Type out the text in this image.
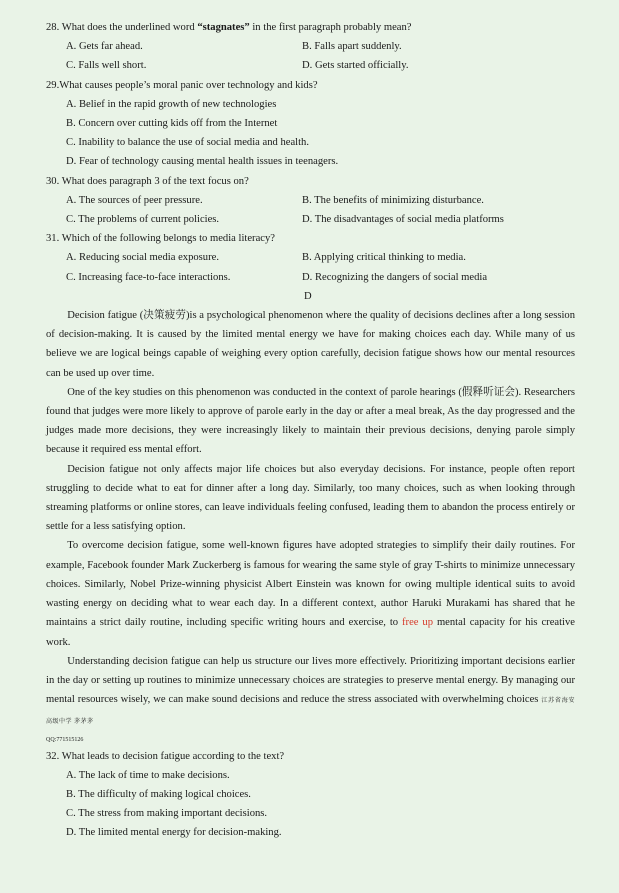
28. What does the underlined word “stagnates” in the first paragraph probably mean?
A. Gets far ahead.	B. Falls apart suddenly.
C. Falls well short.	D. Gets started officially.
29.What causes people’s moral panic over technology and kids?
A. Belief in the rapid growth of new technologies
B. Concern over cutting kids off from the Internet
C. Inability to balance the use of social media and health.
D. Fear of technology causing mental health issues in teenagers.
30. What does paragraph 3 of the text focus on?
A. The sources of peer pressure.	B. The benefits of minimizing disturbance.
C. The problems of current policies.	D. The disadvantages of social media platforms
31. Which of the following belongs to media literacy?
A. Reducing social media exposure.	B. Applying critical thinking to media.
C. Increasing face-to-face interactions.	D. Recognizing the dangers of social media
D

Decision fatigue (决策疲劳)is a psychological phenomenon where the quality of decisions declines after a long session of decision-making. It is caused by the limited mental energy we have for making choices each day. While many of us believe we are logical beings capable of weighing every option carefully, decision fatigue shows how our mental resources can be used up over time.

One of the key studies on this phenomenon was conducted in the context of parole hearings (假释听证会). Researchers found that judges were more likely to approve of parole early in the day or after a meal break, As the day progressed and the judges made more decisions, they were increasingly likely to maintain their previous decisions, denying parole simply because it required ess mental effort.

Decision fatigue not only affects major life choices but also everyday decisions. For instance, people often report struggling to decide what to eat for dinner after a long day. Similarly, too many choices, such as when looking through streaming platforms or online stores, can leave individuals feeling confused, leading them to abandon the process entirely or settle for a less satisfying option.

To overcome decision fatigue, some well-known figures have adopted strategies to simplify their daily routines. For example, Facebook founder Mark Zuckerberg is famous for wearing the same style of gray T-shirts to minimize unnecessary choices. Similarly, Nobel Prize-winning physicist Albert Einstein was known for owing multiple identical suits to avoid wasting energy on deciding what to wear each day. In a different context, author Haruki Murakami has shared that he maintains a strict daily routine, including specific writing hours and exercise, to free up mental capacity for his creative work.

Understanding decision fatigue can help us structure our lives more effectively. Prioritizing important decisions earlier in the day or setting up routines to minimize unnecessary choices are strategies to preserve mental energy. By managing our mental resources wisely, we can make sound decisions and reduce the stress associated with overwhelming choices 江苏省海安高级中学 茅茅茅

QQ:771515126
32. What leads to decision fatigue according to the text?
A. The lack of time to make decisions.
B. The difficulty of making logical choices.
C. The stress from making important decisions.
D. The limited mental energy for decision-making.
